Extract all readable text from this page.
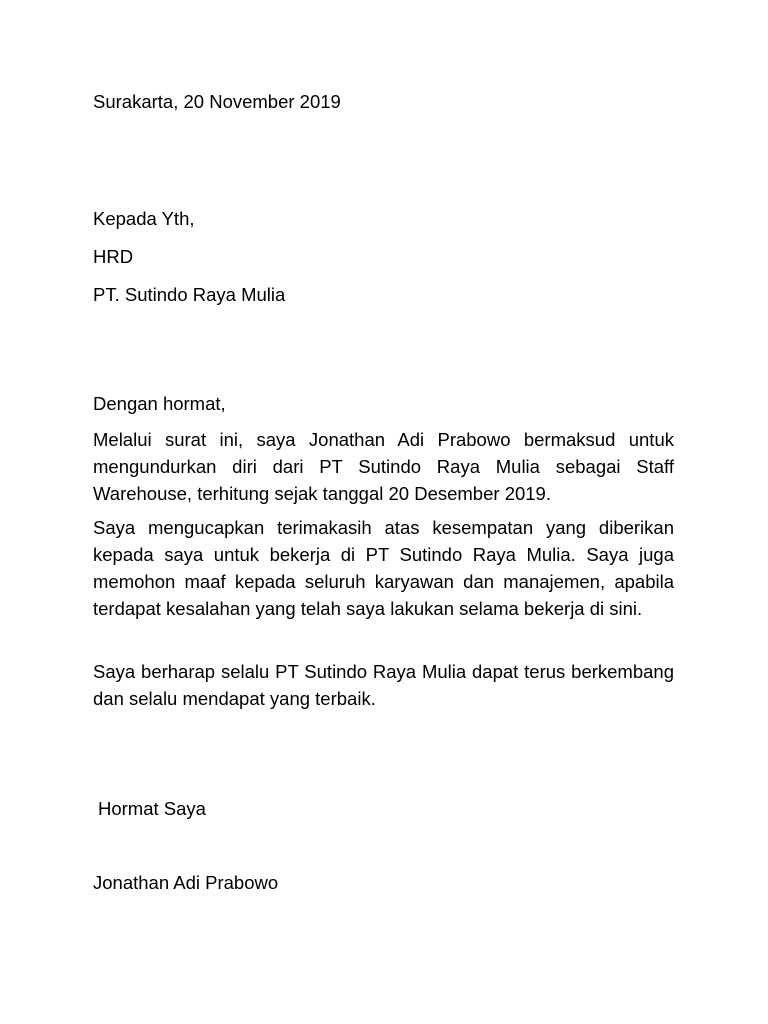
Surakarta, 20 November 2019

Kepada Yth,

HRD

PT. Sutindo Raya Mulia

Dengan hormat,

Melalui surat ini, saya Jonathan Adi Prabowo bermaksud untuk mengundurkan diri dari PT Sutindo Raya Mulia sebagai Staff Warehouse, terhitung sejak tanggal 20 Desember 2019.

Saya mengucapkan terimakasih atas kesempatan yang diberikan kepada saya untuk bekerja di PT Sutindo Raya Mulia. Saya juga memohon maaf kepada seluruh karyawan dan manajemen, apabila terdapat kesalahan yang telah saya lakukan selama bekerja di sini.

Saya berharap selalu PT Sutindo Raya Mulia dapat terus berkembang dan selalu mendapat yang terbaik.

Hormat Saya

Jonathan Adi Prabowo
